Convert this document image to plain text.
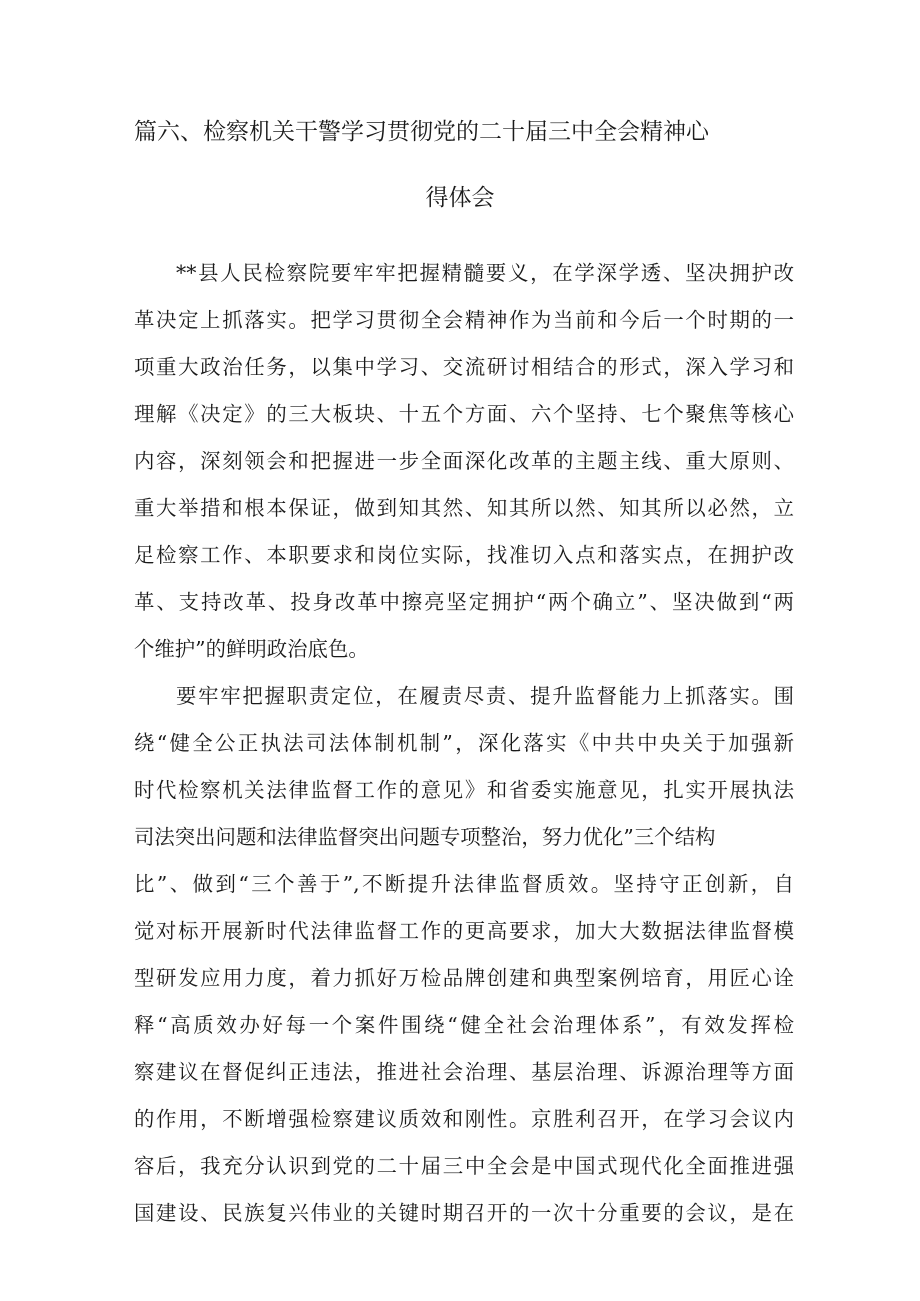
篇六、检察机关干警学习贯彻党的二十届三中全会精神心
得体会
**县人民检察院要牢牢把握精髓要义，在学深学透、坚决拥护改
革决定上抓落实。把学习贯彻全会精神作为当前和今后一个时期的一
项重大政治任务，以集中学习、交流研讨相结合的形式，深入学习和
理解《决定》的三大板块、十五个方面、六个坚持、七个聚焦等核心
内容，深刻领会和把握进一步全面深化改革的主题主线、重大原则、
重大举措和根本保证，做到知其然、知其所以然、知其所以必然，立
足检察工作、本职要求和岗位实际，找准切入点和落实点，在拥护改
革、支持改革、投身改革中擦亮坚定拥护“两个确立”、坚决做到“两
个维护”的鲜明政治底色。
要牢牢把握职责定位，在履责尽责、提升监督能力上抓落实。围
绕“健全公正执法司法体制机制”，深化落实《中共中央关于加强新
时代检察机关法律监督工作的意见》和省委实施意见，扎实开展执法
司法突出问题和法律监督突出问题专项整治，努力优化”三个结构
比”、做到“三个善于”,不断提升法律监督质效。坚持守正创新，自
觉对标开展新时代法律监督工作的更高要求，加大大数据法律监督模
型研发应用力度，着力抓好万检品牌创建和典型案例培育，用匠心诠
释“高质效办好每一个案件围绕“健全社会治理体系”，有效发挥检
察建议在督促纠正违法，推进社会治理、基层治理、诉源治理等方面
的作用，不断增强检察建议质效和刚性。京胜利召开，在学习会议内
容后，我充分认识到党的二十届三中全会是中国式现代化全面推进强
国建设、民族复兴伟业的关键时期召开的一次十分重要的会议，是在
